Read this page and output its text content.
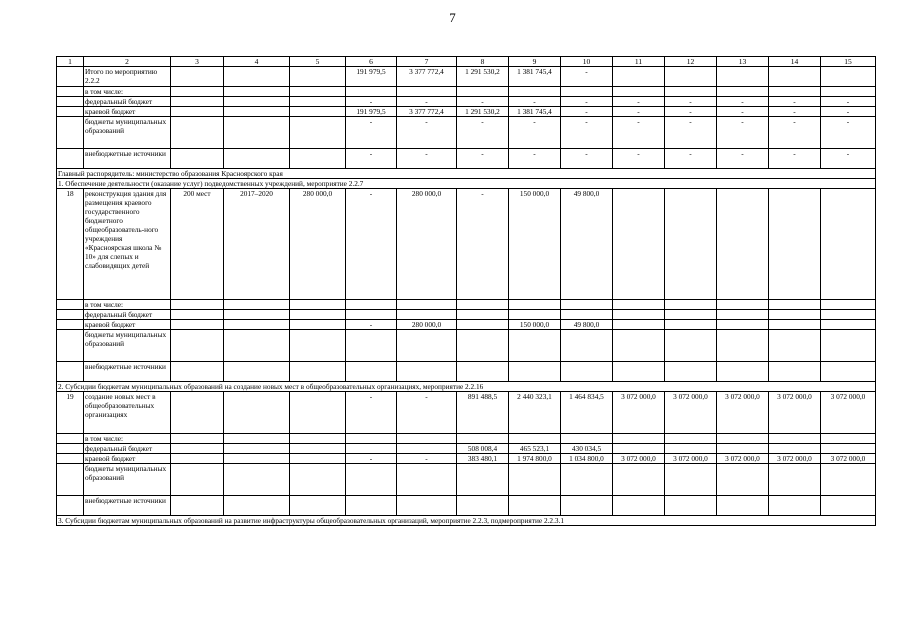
7
1	2	3	4	5	6	7	8	9	10	11	12	13	14	15
	Итого по мероприятию 2.2.2				191 979,5	3 377 772,4	1 291 530,2	1 381 745,4	-					
	в том числе:													
	федеральный бюджет				-	-	-	-	-	-	-	-	-	-
	краевой бюджет				191 979,5	3 377 772,4	1 291 530,2	1 381 745,4	-	-	-	-	-	-
	бюджеты муниципальных образований				-	-	-	-	-	-	-	-	-	-
	внебюджетные источники				-	-	-	-	-	-	-	-	-	-
Главный распорядитель: министерство образования Красноярского края														
1. Обеспечение деятельности (оказание услуг) подведомственных учреждений, мероприятие 2.2.7														
18	реконструкция здания для размещения краевого государственного бюджетного общеобразователь-ного учреждения «Красноярская школа № 10» для слепых и слабовидящих детей	200 мест	2017–2020	280 000,0	-	280 000,0	-	150 000,0	49 800,0					
	в том числе:													
	федеральный бюджет													
	краевой бюджет				-	280 000,0		150 000,0	49 800,0					
	бюджеты муниципальных образований													
	внебюджетные источники													
2. Субсидии бюджетам муниципальных образований на создание новых мест в общеобразовательных организациях, мероприятие 2.2.16														
19	создание новых мест в общеобразовательных организациях				-	-	891 488,5	2 440 323,1	1 464 834,5	3 072 000,0	3 072 000,0	3 072 000,0	3 072 000,0	3 072 000,0
	в том числе:													
	федеральный бюджет						508 008,4	465 523,1	430 034,5					
	краевой бюджет				-	-	383 480,1	1 974 800,0	1 034 800,0	3 072 000,0	3 072 000,0	3 072 000,0	3 072 000,0	3 072 000,0
	бюджеты муниципальных образований													
	внебюджетные источники													
3. Субсидии бюджетам муниципальных образований на развитие инфраструктуры общеобразовательных организаций, мероприятие 2.2.3, подмероприятие 2.2.3.1														
